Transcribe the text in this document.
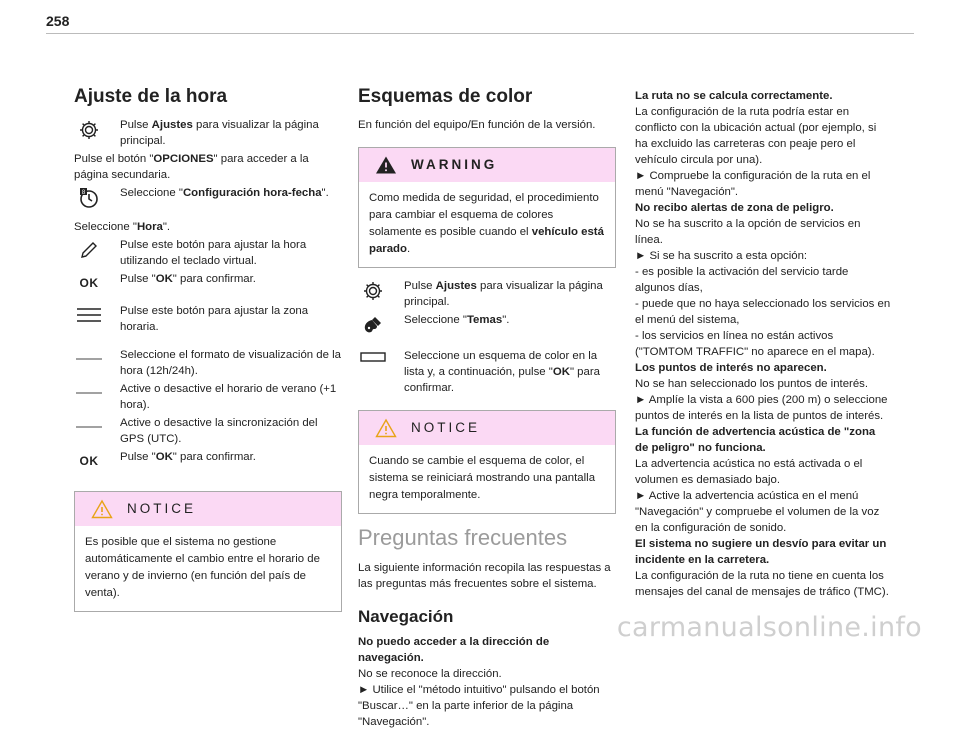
258
Ajuste de la hora
Pulse Ajustes para visualizar la página principal.

Pulse el botón "OPCIONES" para acceder a la página secundaria.

8	Seleccione "Configuración hora-fecha".

Seleccione "Hora".

Pulse este botón para ajustar la hora utilizando el teclado virtual.
OK	Pulse "OK" para confirmar.
Pulse este botón para ajustar la zona horaria.
Seleccione el formato de visualización de la hora (12h/24h).
Active o desactive el horario de verano (+1 hora).
Active o desactive la sincronización del GPS (UTC).
OK	Pulse "OK" para confirmar.
NOTICE
Es posible que el sistema no gestione automáticamente el cambio entre el horario de verano y de invierno (en función del país de venta).
Esquemas de color

En función del equipo/En función de la versión.

WARNING
Como medida de seguridad, el procedimiento para cambiar el esquema de colores solamente es posible cuando el vehículo está parado.
Pulse Ajustes para visualizar la página principal.
Seleccione "Temas".
Seleccione un esquema de color en la lista y, a continuación, pulse "OK" para confirmar.
NOTICE
Cuando se cambie el esquema de color, el sistema se reiniciará mostrando una pantalla negra temporalmente.
Preguntas frecuentes

La siguiente información recopila las respuestas a las preguntas más frecuentes sobre el sistema.

Navegación

No puedo acceder a la dirección de navegación.

No se reconoce la dirección.

► Utilice el "método intuitivo" pulsando el botón "Buscar…" en la parte inferior de la página "Navegación".

La ruta no se calcula correctamente.

La configuración de la ruta podría estar en conflicto con la ubicación actual (por ejemplo, si ha excluido las carreteras con peaje pero el vehículo circula por una).

► Compruebe la configuración de la ruta en el menú "Navegación".

No recibo alertas de zona de peligro.

No se ha suscrito a la opción de servicios en línea.

► Si se ha suscrito a esta opción:

- es posible la activación del servicio tarde algunos días,

- puede que no haya seleccionado los servicios en el menú del sistema,

- los servicios en línea no están activos ("TOMTOM TRAFFIC" no aparece en el mapa).

Los puntos de interés no aparecen.

No se han seleccionado los puntos de interés.

► Amplíe la vista a 600 pies (200 m) o seleccione puntos de interés en la lista de puntos de interés.

La función de advertencia acústica de "zona de peligro" no funciona.

La advertencia acústica no está activada o el volumen es demasiado bajo.

► Active la advertencia acústica en el menú "Navegación" y compruebe el volumen de la voz en la configuración de sonido.

El sistema no sugiere un desvío para evitar un incidente en la carretera.

La configuración de la ruta no tiene en cuenta los mensajes del canal de mensajes de tráfico (TMC).

carmanualsonline.info
